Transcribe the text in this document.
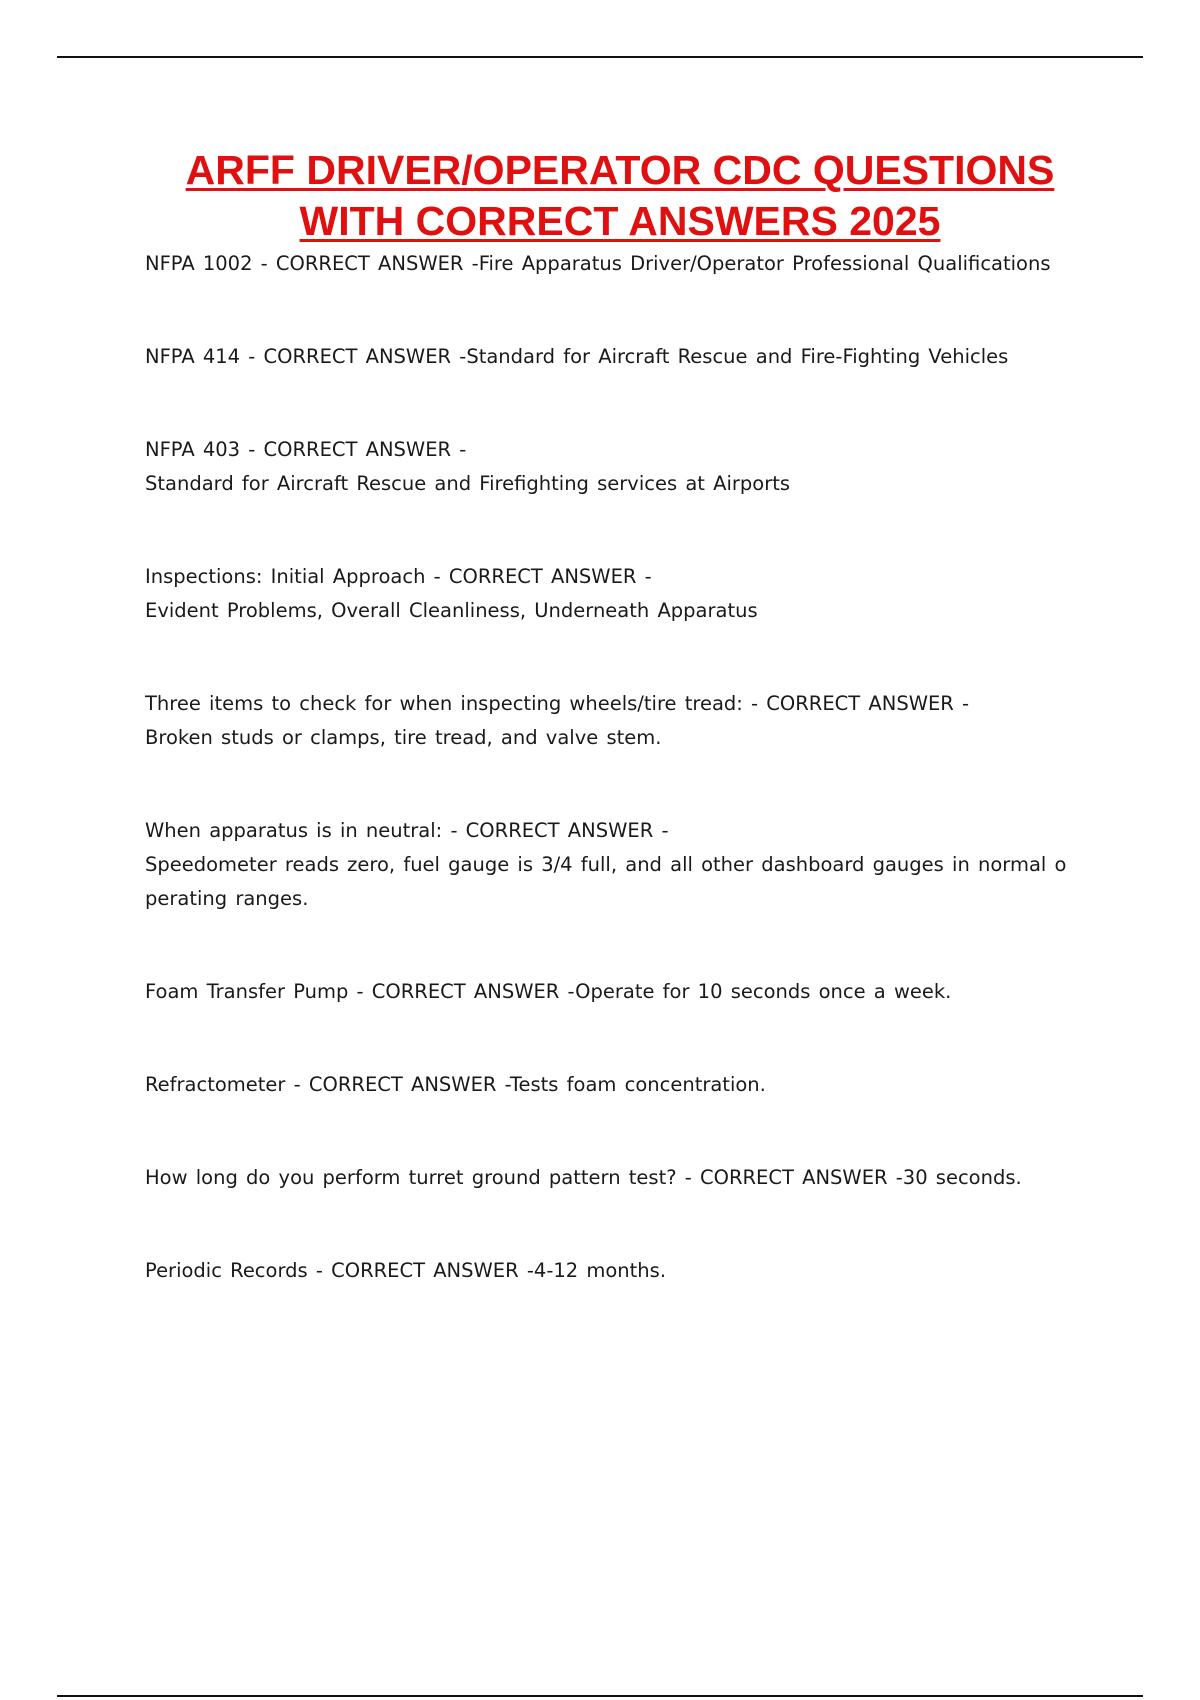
ARFF DRIVER/OPERATOR CDC QUESTIONS
WITH CORRECT ANSWERS 2025
NFPA 1002 - CORRECT ANSWER -Fire Apparatus Driver/Operator Professional Qualifications
NFPA 414 - CORRECT ANSWER -Standard for Aircraft Rescue and Fire-Fighting Vehicles
NFPA 403 - CORRECT ANSWER -
Standard for Aircraft Rescue and Firefighting services at Airports
Inspections: Initial Approach - CORRECT ANSWER -
Evident Problems, Overall Cleanliness, Underneath Apparatus
Three items to check for when inspecting wheels/tire tread: - CORRECT ANSWER -
Broken studs or clamps, tire tread, and valve stem.
When apparatus is in neutral: - CORRECT ANSWER -
Speedometer reads zero, fuel gauge is 3/4 full, and all other dashboard gauges in normal o
perating ranges.
Foam Transfer Pump - CORRECT ANSWER -Operate for 10 seconds once a week.
Refractometer - CORRECT ANSWER -Tests foam concentration.
How long do you perform turret ground pattern test? - CORRECT ANSWER -30 seconds.
Periodic Records - CORRECT ANSWER -4-12 months.
